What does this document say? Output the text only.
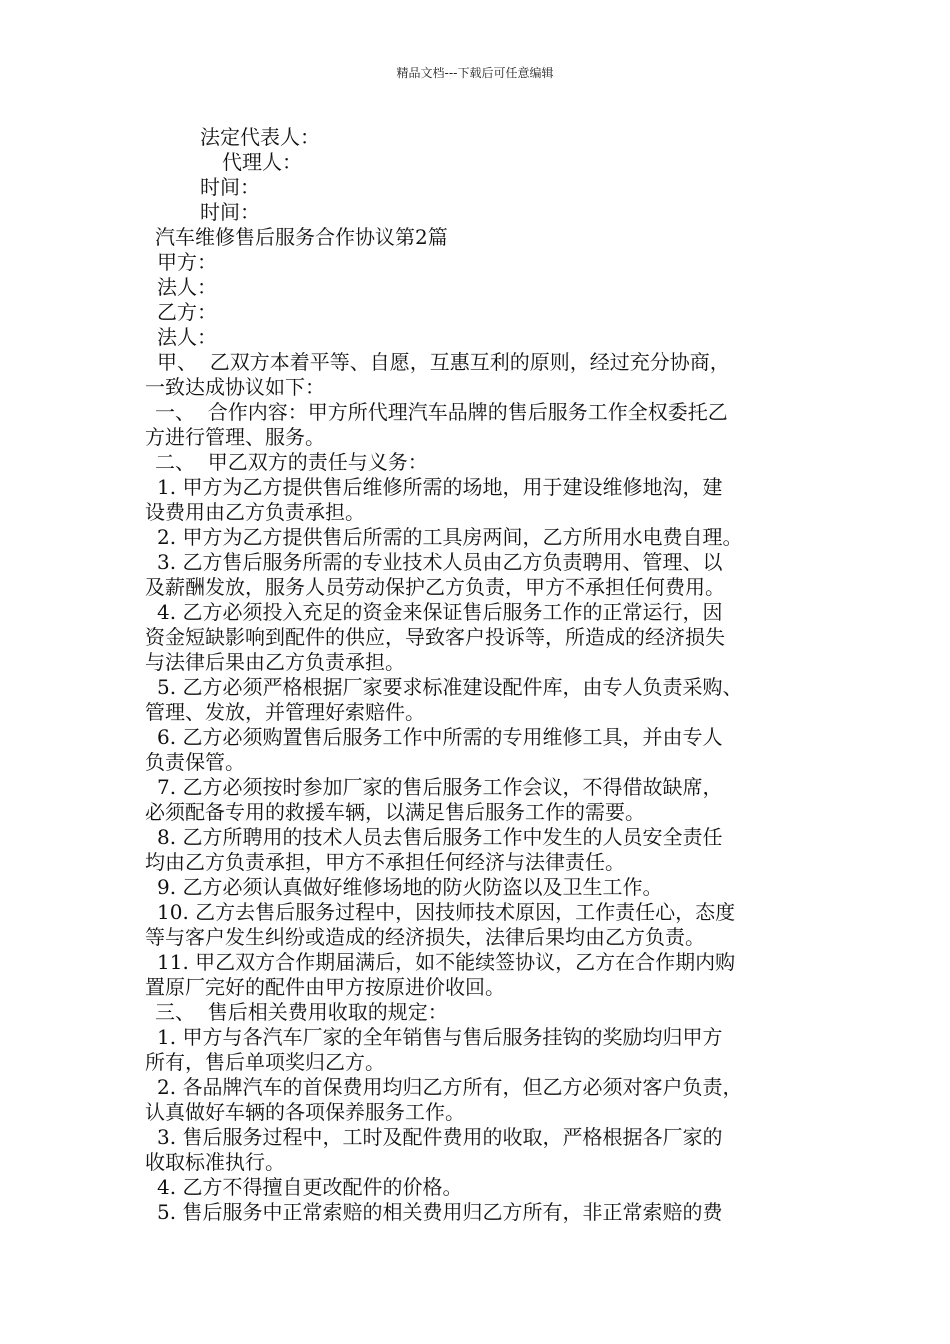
精品文档---下载后可任意编辑
法定代表人：
代理人：
时间：
时间：
汽车维修售后服务合作协议第2篇
甲方：
法人：
乙方：
法人：
甲、  乙双方本着平等、自愿，互惠互利的原则，经过充分协商，
一致达成协议如下：
一、  合作内容：甲方所代理汽车品牌的售后服务工作全权委托乙
方进行管理、服务。
二、  甲乙双方的责任与义务：
1. 甲方为乙方提供售后维修所需的场地，用于建设维修地沟，建
设费用由乙方负责承担。
2. 甲方为乙方提供售后所需的工具房两间，乙方所用水电费自理。
3. 乙方售后服务所需的专业技术人员由乙方负责聘用、管理、以
及薪酬发放，服务人员劳动保护乙方负责，甲方不承担任何费用。
4. 乙方必须投入充足的资金来保证售后服务工作的正常运行，因
资金短缺影响到配件的供应，导致客户投诉等，所造成的经济损失
与法律后果由乙方负责承担。
5. 乙方必须严格根据厂家要求标准建设配件库，由专人负责采购、
管理、发放，并管理好索赔件。
6. 乙方必须购置售后服务工作中所需的专用维修工具，并由专人
负责保管。
7. 乙方必须按时参加厂家的售后服务工作会议，不得借故缺席，
必须配备专用的救援车辆，以满足售后服务工作的需要。
8. 乙方所聘用的技术人员去售后服务工作中发生的人员安全责任
均由乙方负责承担，甲方不承担任何经济与法律责任。
9. 乙方必须认真做好维修场地的防火防盗以及卫生工作。
10. 乙方去售后服务过程中，因技师技术原因，工作责任心，态度
等与客户发生纠纷或造成的经济损失，法律后果均由乙方负责。
11. 甲乙双方合作期届满后，如不能续签协议，乙方在合作期内购
置原厂完好的配件由甲方按原进价收回。
三、  售后相关费用收取的规定：
1. 甲方与各汽车厂家的全年销售与售后服务挂钩的奖励均归甲方
所有，售后单项奖归乙方。
2. 各品牌汽车的首保费用均归乙方所有，但乙方必须对客户负责，
认真做好车辆的各项保养服务工作。
3. 售后服务过程中，工时及配件费用的收取，严格根据各厂家的
收取标准执行。
4. 乙方不得擅自更改配件的价格。
5. 售后服务中正常索赔的相关费用归乙方所有，非正常索赔的费
